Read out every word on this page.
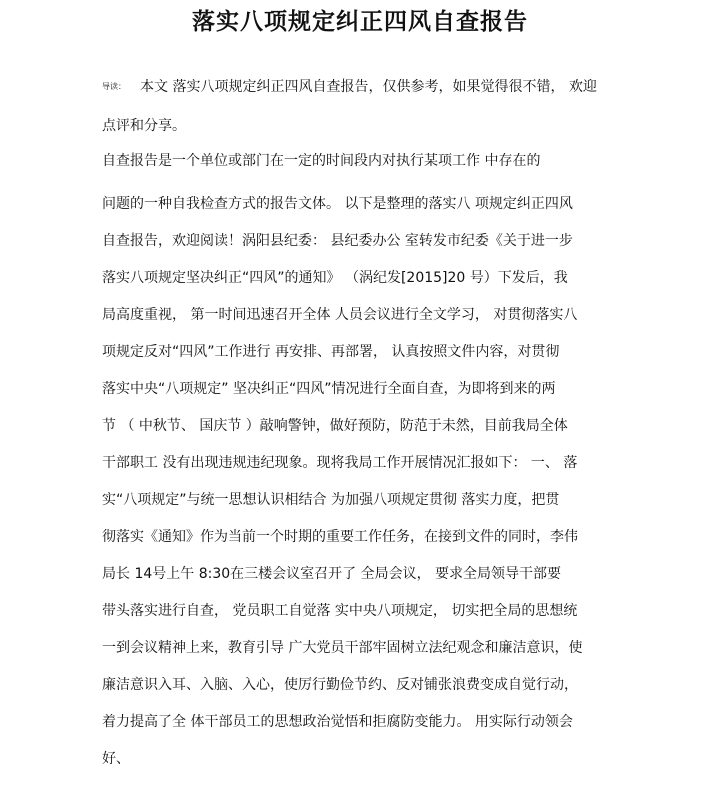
落实八项规定纠正四风自查报告
导读： 本文 落实八项规定纠正四风自查报告，仅供参考，如果觉得很不错， 欢迎
点评和分享。
自查报告是一个单位或部门在一定的时间段内对执行某项工作 中存在的
问题的一种自我检查方式的报告文体。 以下是整理的落实八 项规定纠正四风
自查报告，欢迎阅读！涡阳县纪委： 县纪委办公 室转发市纪委《关于进一步
落实八项规定坚决纠正“四风”的通知》 （涡纪发[2015]20 号）下发后，我
局高度重视， 第一时间迅速召开全体 人员会议进行全文学习， 对贯彻落实八
项规定反对“四风”工作进行 再安排、再部署， 认真按照文件内容，对贯彻
落实中央“八项规定” 坚决纠正“四风”情况进行全面自查，为即将到来的两
节 （ 中秋节、 国庆节 ）敲响警钟，做好预防，防范于未然，目前我局全体
干部职工 没有出现违规违纪现象。现将我局工作开展情况汇报如下： 一、 落
实“八项规定”与统一思想认识相结合 为加强八项规定贯彻 落实力度，把贯
彻落实《通知》作为当前一个时期的重要工作任务，在接到文件的同时，李伟
局长 14号上午 8:30在三楼会议室召开了 全局会议， 要求全局领导干部要
带头落实进行自查， 党员职工自觉落 实中央八项规定， 切实把全局的思想统
一到会议精神上来，教育引导 广大党员干部牢固树立法纪观念和廉洁意识，使
廉洁意识入耳、入脑、入心，使厉行勤俭节约、反对铺张浪费变成自觉行动，
着力提高了全 体干部员工的思想政治觉悟和拒腐防变能力。 用实际行动领会
好、
